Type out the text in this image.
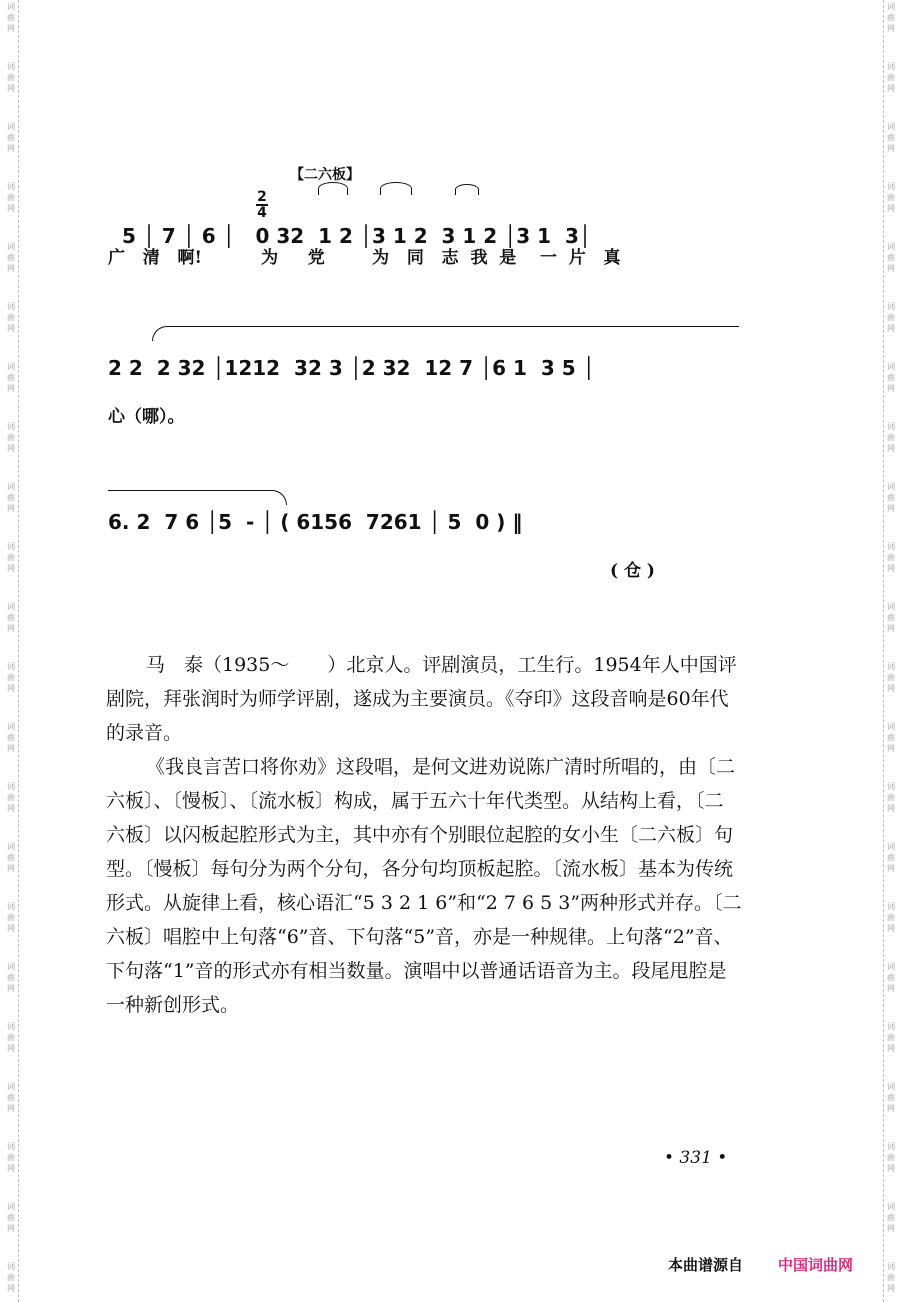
词
曲
网
词
曲
网
词
曲
网
词
曲
网
词
曲
网
词
曲
网
词
曲
网
词
曲
网
词
曲
网
词
曲
网
词
曲
网
词
曲
网
词
曲
网
词
曲
网
词
曲
网
词
曲
网
词
曲
网
词
曲
网
词
曲
网
词
曲
网
词
曲
网
词
曲
网
词
曲
网
词
曲
网
词
曲
网
词
曲
网
词
曲
网
词
曲
网
词
曲
网
词
曲
网
词
曲
网
词
曲
网
词
曲
网
词
曲
网
词
曲
网
词
曲
网
词
曲
网
词
曲
网
词
曲
网
词
曲
网
词
曲
网
词
曲
网
词
曲
网
词
曲
网
【二六板】

5 │ 7 │ 6 │   0 32  1 2 │3 1 2  3 1 2 │3 1  3│

2
4
广   清   啊!          为     党        为   同   志  我  是    一  片   真
2 2  2 32 │1212  32 3 │2 32  12 7 │6 1  3 5 │
心（哪）。
6. 2  7 6 │5  - │ ( 6156  7261 │ 5  0 ) ‖
( 仓 )

马　泰（1935～　　）北京人。评剧演员，工生行。1954年人中国评剧院，拜张润时为师学评剧，遂成为主要演员。《夺印》这段音响是60年代的录音。

《我良言苦口将你劝》这段唱，是何文进劝说陈广清时所唱的，由〔二六板〕、〔慢板〕、〔流水板〕构成，属于五六十年代类型。从结构上看，〔二六板〕以闪板起腔形式为主，其中亦有个别眼位起腔的女小生〔二六板〕句型。〔慢板〕每句分为两个分句，各分句均顶板起腔。〔流水板〕基本为传统形式。从旋律上看，核心语汇“5 3 2 1 6”和“2 7 6 5 3”两种形式并存。〔二六板〕唱腔中上句落“6”音、下句落“5”音，亦是一种规律。上句落“2”音、下句落“1”音的形式亦有相当数量。演唱中以普通话语音为主。段尾甩腔是一种新创形式。

• 331 •
本曲谱源自 中国词曲网
